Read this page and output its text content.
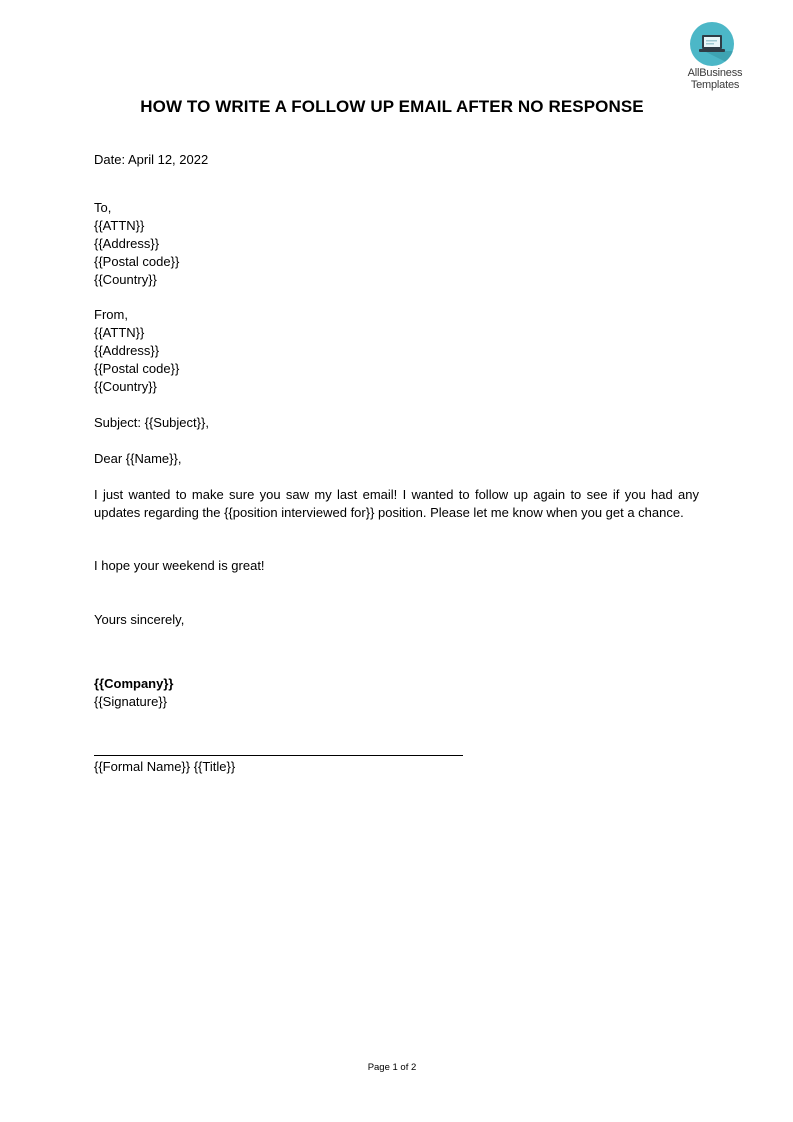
AllBusiness
Templates
HOW TO WRITE A FOLLOW UP EMAIL AFTER NO RESPONSE
Date: April 12, 2022
To,
{{ATTN}}
{{Address}}
{{Postal code}}
{{Country}}
From,
{{ATTN}}
{{Address}}
{{Postal code}}
{{Country}}
Subject: {{Subject}},
Dear {{Name}},
I just wanted to make sure you saw my last email! I wanted to follow up again to see if you had any updates regarding the {{position interviewed for}} position. Please let me know when you get a chance.
I hope your weekend is great!
Yours sincerely,
{{Company}}
{{Signature}}
{{Formal Name}} {{Title}}
Page 1 of 2
